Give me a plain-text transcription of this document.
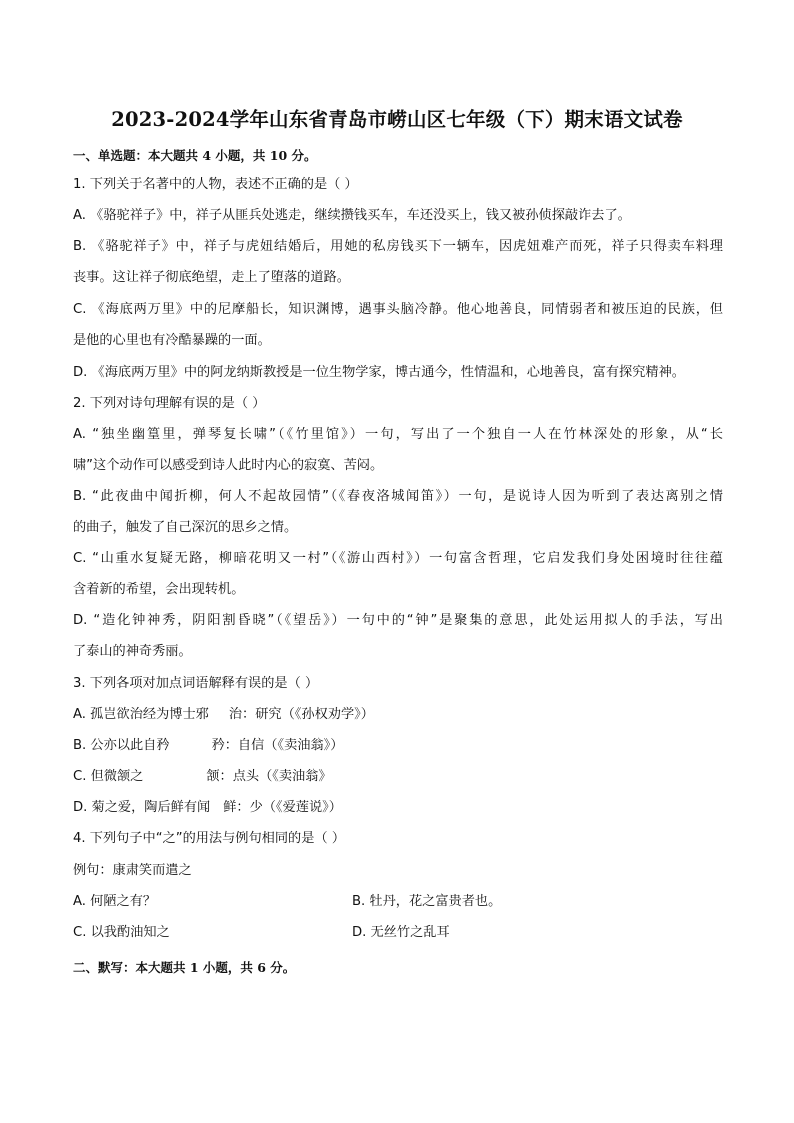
2023-2024学年山东省青岛市崂山区七年级（下）期末语文试卷
一、单选题：本大题共 4 小题，共 10 分。
1. 下列关于名著中的人物，表述不正确的是（ ）
A. 《骆驼祥子》中，祥子从匪兵处逃走，继续攒钱买车，车还没买上，钱又被孙侦探敲诈去了。
B. 《骆驼祥子》中，祥子与虎妞结婚后，用她的私房钱买下一辆车，因虎妞难产而死，祥子只得卖车料理
丧事。这让祥子彻底绝望，走上了堕落的道路。
C. 《海底两万里》中的尼摩船长，知识渊博，遇事头脑冷静。他心地善良，同情弱者和被压迫的民族，但
是他的心里也有冷酷暴躁的一面。
D. 《海底两万里》中的阿龙纳斯教授是一位生物学家，博古通今，性情温和，心地善良，富有探究精神。
2. 下列对诗句理解有误的是（ ）
A. “独坐幽篁里，弹琴复长啸”（《竹里馆》）一句，写出了一个独自一人在竹林深处的形象，从“长
啸”这个动作可以感受到诗人此时内心的寂寞、苦闷。
B. “此夜曲中闻折柳，何人不起故园情”（《春夜洛城闻笛》）一句，是说诗人因为听到了表达离别之情
的曲子，触发了自己深沉的思乡之情。
C. “山重水复疑无路，柳暗花明又一村”（《游山西村》）一句富含哲理，它启发我们身处困境时往往蕴
含着新的希望，会出现转机。
D. “造化钟神秀，阴阳割昏晓”（《望岳》）一句中的“钟”是聚集的意思，此处运用拟人的手法，写出
了泰山的神奇秀丽。
3. 下列各项对加点词语解释有误的是（ ）
A. 孤岂欲治经为博士邪 治：研究（《孙权劝学》）
B. 公亦以此自矜	矜：自信（《卖油翁》）
C. 但微颔之	颔：点头（《卖油翁》
D. 菊之爱，陶后鲜有闻 鲜：少（《爱莲说》）
4. 下列句子中“之”的用法与例句相同的是（ ）
例句：康肃笑而遣之
A. 何陋之有？	B. 牡丹，花之富贵者也。
C. 以我酌油知之	D. 无丝竹之乱耳
二、默写：本大题共 1 小题，共 6 分。
